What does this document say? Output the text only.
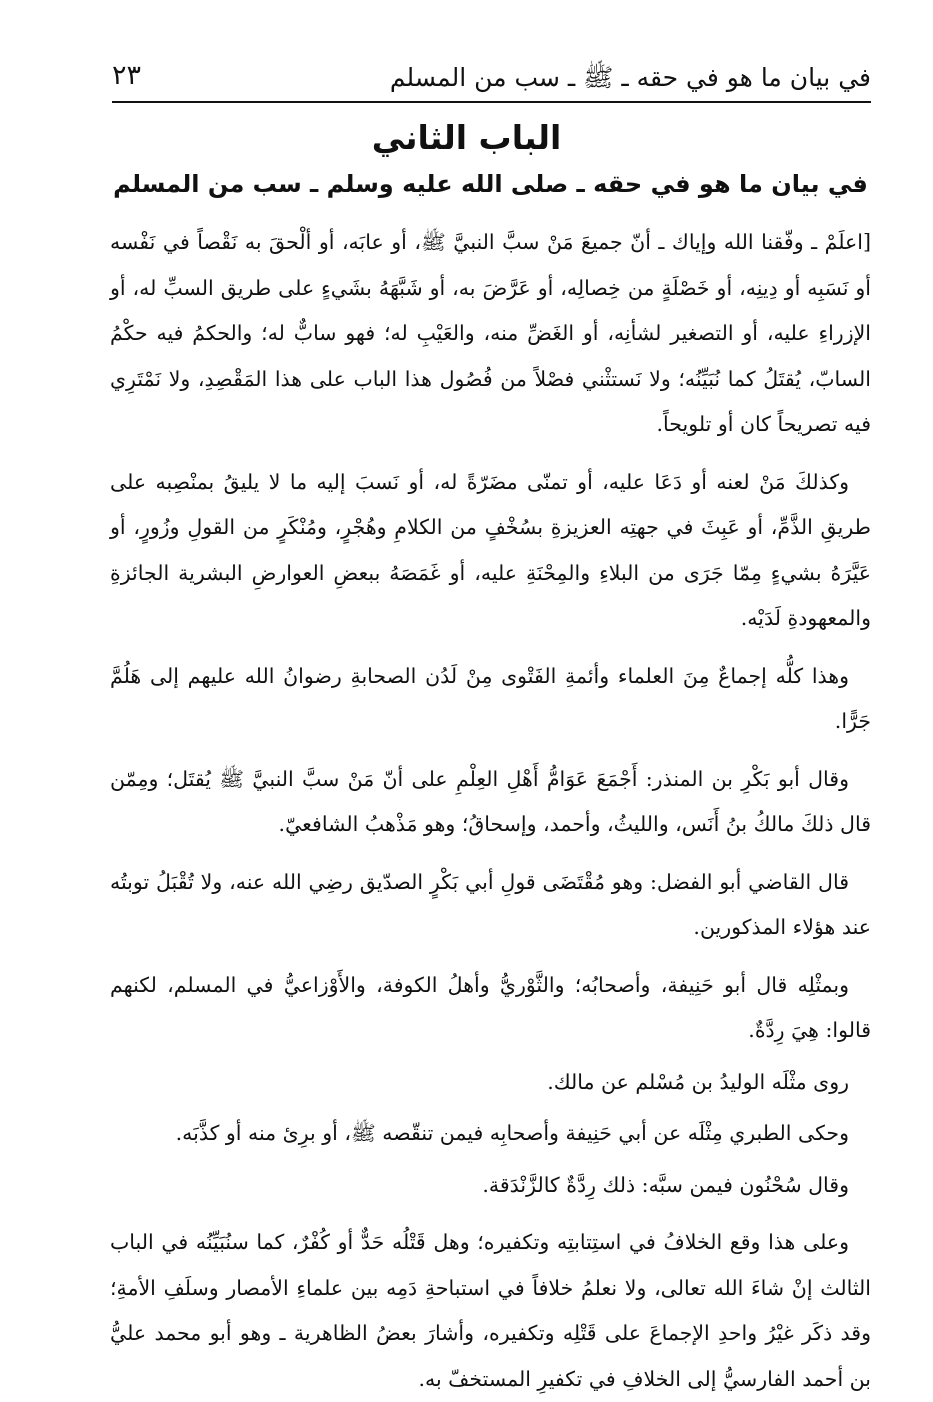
في بيان ما هو في حقه ـ ﷺ ـ سب من المسلم
٢٣
الباب الثاني
في بيان ما هو في حقه ـ صلى الله عليه وسلم ـ سب من المسلم

[اعلَمْ ـ وفّقنا الله وإياك ـ أنّ جميعَ مَنْ سبَّ النبيَّ ﷺ، أو عابَه، أو ألْحقَ به نَقْصاً في نَفْسه أو نَسَبِه أو دِينِه، أو خَصْلَةٍ من خِصالِه، أو عَرَّضَ به، أو شَبَّهَهُ بشَيءٍ على طريق السبِّ له، أو الإزراءِ عليه، أو التصغير لشأنِه، أو الغَضِّ منه، والعَيْبِ له؛ فهو سابٌّ له؛ والحكمُ فيه حكْمُ السابّ، يُقتَلُ كما نُبَيِّنُه؛ ولا نَستثْني فصْلاً من فُصُول هذا الباب على هذا المَقْصِدِ، ولا نَمْتَرِي فيه تصريحاً كان أو تلويحاً.

وكذلكَ مَنْ لعنه أو دَعَا عليه، أو تمنّى مضَرّةً له، أو نَسبَ إليه ما لا يليقُ بمنْصِبه على طريقِ الذَّمِّ، أو عَبِثَ في جهتِه العزيزةِ بسُخْفٍ من الكلامِ وهُجْرٍ، ومُنْكَرٍ من القولِ وزُورٍ، أو عَيَّرَهُ بشيءٍ مِمّا جَرَى من البلاءِ والمِحْنَةِ عليه، أو غَمَصَهُ ببعضِ العوارضِ البشرية الجائزةِ والمعهودةِ لَدَيْه.

وهذا كلُّه إجماعٌ مِنَ العلماء وأئمةِ الفَتْوى مِنْ لَدُن الصحابةِ رضوانُ الله عليهم إلى هَلُمَّ جَرًّا.

وقال أبو بَكْرِ بن المنذر: أَجْمَعَ عَوَامُّ أَهْلِ العِلْمِ على أنّ مَنْ سبَّ النبيَّ ﷺ يُقتَل؛ ومِمّن قال ذلكَ مالكُ بنُ أَنَس، والليثُ، وأحمد، وإسحاقُ؛ وهو مَذْهبُ الشافعيّ.

قال القاضي أبو الفضل: وهو مُقْتَضَى قولِ أبي بَكْرٍ الصدّيق رضِي الله عنه، ولا تُقْبَلُ توبتُه عند هؤلاء المذكورين.

وبمثْلِه قال أبو حَنِيفة، وأصحابُه؛ والثَّوْريُّ وأهلُ الكوفة، والأَوْزاعيُّ في المسلم، لكنهم قالوا: هِيَ رِدَّةٌ.

روى مثْلَه الوليدُ بن مُسْلم عن مالك.

وحكى الطبري مِثْلَه عن أبي حَنِيفة وأصحابِه فيمن تنقّصه ﷺ، أو برِئ منه أو كذَّبَه.

وقال سُحْنُون فيمن سبَّه: ذلك رِدَّةٌ كالزَّنْدَقة.

وعلى هذا وقع الخلافُ في استِتابتِه وتكفيره؛ وهل قَتْلُه حَدٌّ أو كُفْرٌ، كما سنُبَيِّنُه في الباب الثالث إنْ شاءَ الله تعالى، ولا نعلمُ خلافاً في استباحةِ دَمِه بين علماءِ الأمصار وسلَفِ الأمةِ؛ وقد ذكَر غيْرُ واحدِ الإجماعَ على قَتْلِه وتكفيره، وأشارَ بعضُ الظاهرية ـ وهو أبو محمد عليُّ بن أحمد الفارسيُّ إلى الخلافِ في تكفيرِ المستخفّ به.
